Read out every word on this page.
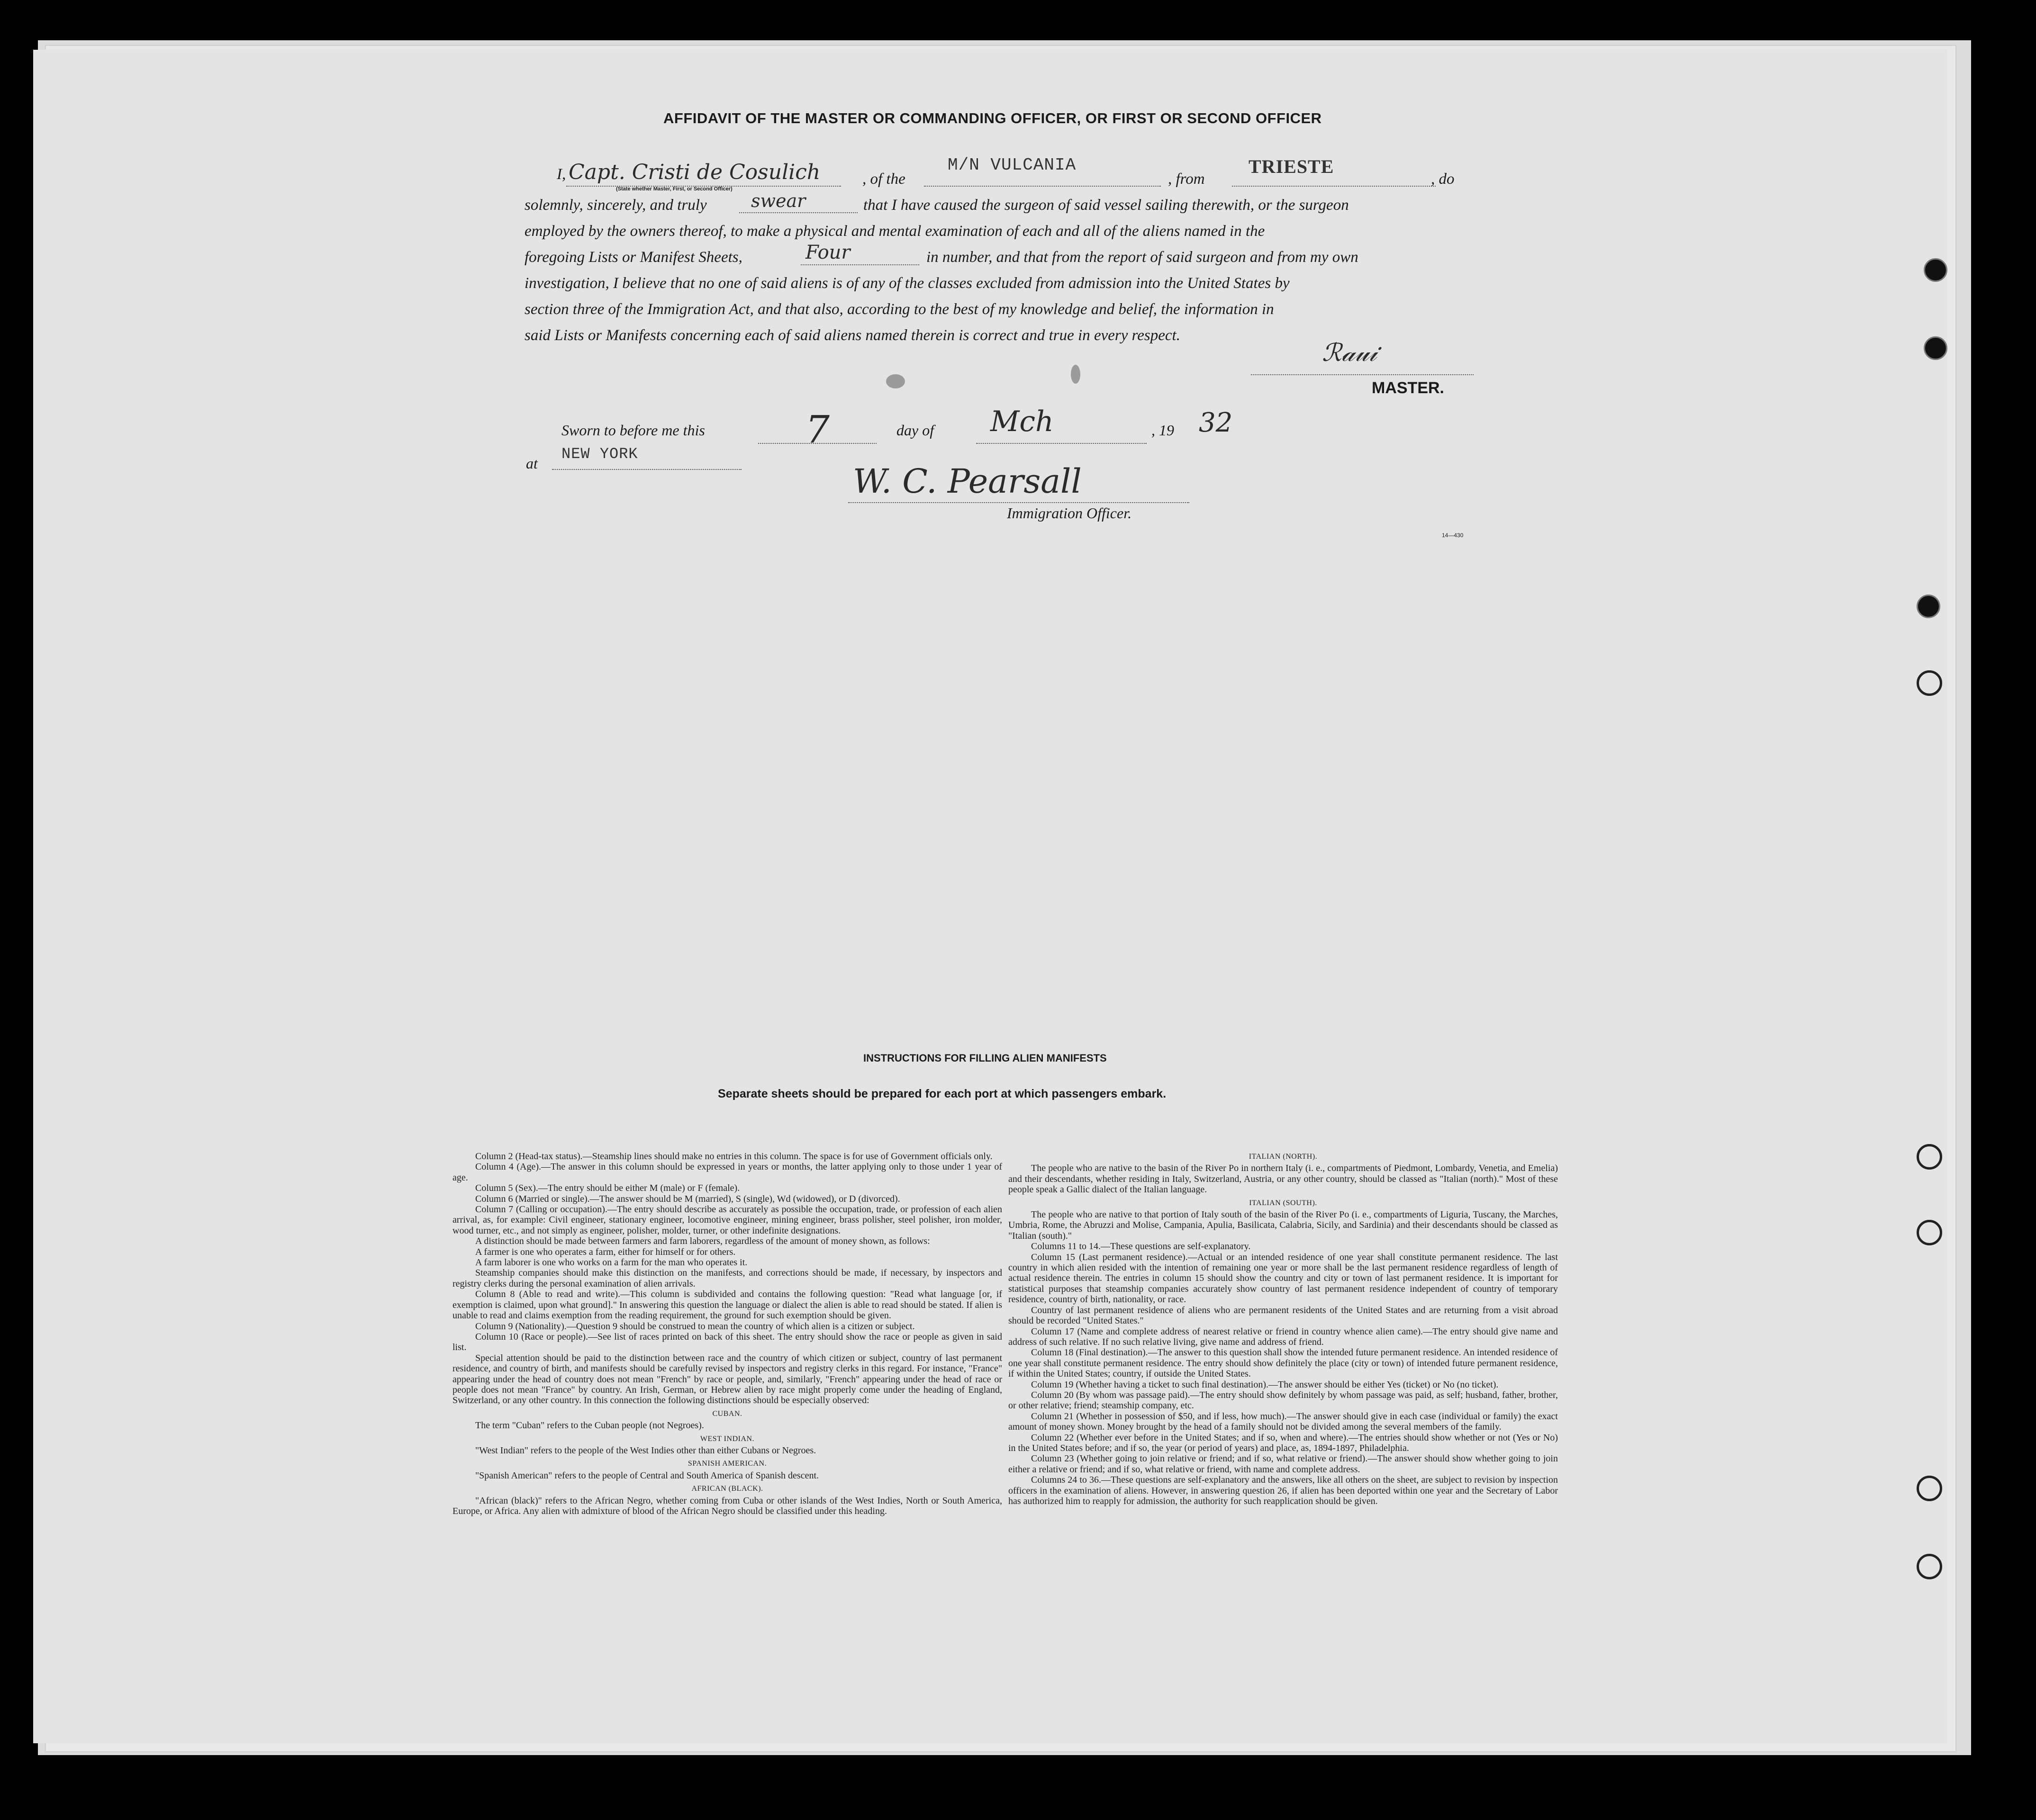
AFFIDAVIT OF THE MASTER OR COMMANDING OFFICER, OR FIRST OR SECOND OFFICER
I, Capt. Cristi de Cosulich
(State whether Master, First, or Second Officer)
, of the
M/N VULCANIA
, from
TRIESTE
, do
solemnly, sincerely, and truly swear	that I have caused the surgeon of said vessel sailing therewith, or the surgeon
employed by the owners thereof, to make a physical and mental examination of each and all of the aliens named in the
foregoing Lists or Manifest Sheets,	Four	in number, and that from the report of said surgeon and from my own
investigation, I believe that no one of said aliens is of any of the classes excluded from admission into the United States by
section three of the Immigration Act, and that also, according to the best of my knowledge and belief, the information in
said Lists or Manifests concerning each of said aliens named therein is correct and true in every respect.
ℛ𝒶𝓊𝒾
MASTER.
Sworn to before me this	7	day of Mch	, 19 32
at
NEW YORK
W. C. Pearsall
Immigration Officer.
14—430
INSTRUCTIONS FOR FILLING ALIEN MANIFESTS
Separate sheets should be prepared for each port at which passengers embark.

Column 2 (Head-tax status).—Steamship lines should make no entries in this column. The space is for use of Government officials only.

Column 4 (Age).—The answer in this column should be expressed in years or months, the latter applying only to those under 1 year of age.

Column 5 (Sex).—The entry should be either M (male) or F (female).

Column 6 (Married or single).—The answer should be M (married), S (single), Wd (widowed), or D (divorced).

Column 7 (Calling or occupation).—The entry should describe as accurately as possible the occupation, trade, or profession of each alien arrival, as, for example: Civil engineer, stationary engineer, locomotive engineer, mining engineer, brass polisher, steel polisher, iron molder, wood turner, etc., and not simply as engineer, polisher, molder, turner, or other indefinite designations.

A distinction should be made between farmers and farm laborers, regardless of the amount of money shown, as follows:

A farmer is one who operates a farm, either for himself or for others.

A farm laborer is one who works on a farm for the man who operates it.

Steamship companies should make this distinction on the manifests, and corrections should be made, if necessary, by inspectors and registry clerks during the personal examination of alien arrivals.

Column 8 (Able to read and write).—This column is subdivided and contains the following question: "Read what language [or, if exemption is claimed, upon what ground]." In answering this question the language or dialect the alien is able to read should be stated. If alien is unable to read and claims exemption from the reading requirement, the ground for such exemption should be given.

Column 9 (Nationality).—Question 9 should be construed to mean the country of which alien is a citizen or subject.

Column 10 (Race or people).—See list of races printed on back of this sheet. The entry should show the race or people as given in said list.

Special attention should be paid to the distinction between race and the country of which citizen or subject, country of last permanent residence, and country of birth, and manifests should be carefully revised by inspectors and registry clerks in this regard. For instance, "France" appearing under the head of country does not mean "French" by race or people, and, similarly, "French" appearing under the head of race or people does not mean "France" by country. An Irish, German, or Hebrew alien by race might properly come under the heading of England, Switzerland, or any other country. In this connection the following distinctions should be especially observed:

CUBAN.

The term "Cuban" refers to the Cuban people (not Negroes).

WEST INDIAN.

"West Indian" refers to the people of the West Indies other than either Cubans or Negroes.

SPANISH AMERICAN.

"Spanish American" refers to the people of Central and South America of Spanish descent.

AFRICAN (BLACK).

"African (black)" refers to the African Negro, whether coming from Cuba or other islands of the West Indies, North or South America, Europe, or Africa. Any alien with admixture of blood of the African Negro should be classified under this heading.

ITALIAN (NORTH).

The people who are native to the basin of the River Po in northern Italy (i. e., compartments of Piedmont, Lombardy, Venetia, and Emelia) and their descendants, whether residing in Italy, Switzerland, Austria, or any other country, should be classed as "Italian (north)." Most of these people speak a Gallic dialect of the Italian language.

ITALIAN (SOUTH).

The people who are native to that portion of Italy south of the basin of the River Po (i. e., compartments of Liguria, Tuscany, the Marches, Umbria, Rome, the Abruzzi and Molise, Campania, Apulia, Basilicata, Calabria, Sicily, and Sardinia) and their descendants should be classed as "Italian (south)."

Columns 11 to 14.—These questions are self-explanatory.

Column 15 (Last permanent residence).—Actual or an intended residence of one year shall constitute permanent residence. The last country in which alien resided with the intention of remaining one year or more shall be the last permanent residence regardless of length of actual residence therein. The entries in column 15 should show the country and city or town of last permanent residence. It is important for statistical purposes that steamship companies accurately show country of last permanent residence independent of country of temporary residence, country of birth, nationality, or race.

Country of last permanent residence of aliens who are permanent residents of the United States and are returning from a visit abroad should be recorded "United States."

Column 17 (Name and complete address of nearest relative or friend in country whence alien came).—The entry should give name and address of such relative. If no such relative living, give name and address of friend.

Column 18 (Final destination).—The answer to this question shall show the intended future permanent residence. An intended residence of one year shall constitute permanent residence. The entry should show definitely the place (city or town) of intended future permanent residence, if within the United States; country, if outside the United States.

Column 19 (Whether having a ticket to such final destination).—The answer should be either Yes (ticket) or No (no ticket).

Column 20 (By whom was passage paid).—The entry should show definitely by whom passage was paid, as self; husband, father, brother, or other relative; friend; steamship company, etc.

Column 21 (Whether in possession of $50, and if less, how much).—The answer should give in each case (individual or family) the exact amount of money shown. Money brought by the head of a family should not be divided among the several members of the family.

Column 22 (Whether ever before in the United States; and if so, when and where).—The entries should show whether or not (Yes or No) in the United States before; and if so, the year (or period of years) and place, as, 1894-1897, Philadelphia.

Column 23 (Whether going to join relative or friend; and if so, what relative or friend).—The answer should show whether going to join either a relative or friend; and if so, what relative or friend, with name and complete address.

Columns 24 to 36.—These questions are self-explanatory and the answers, like all others on the sheet, are subject to revision by inspection officers in the examination of aliens. However, in answering question 26, if alien has been deported within one year and the Secretary of Labor has authorized him to reapply for admission, the authority for such reapplication should be given.
